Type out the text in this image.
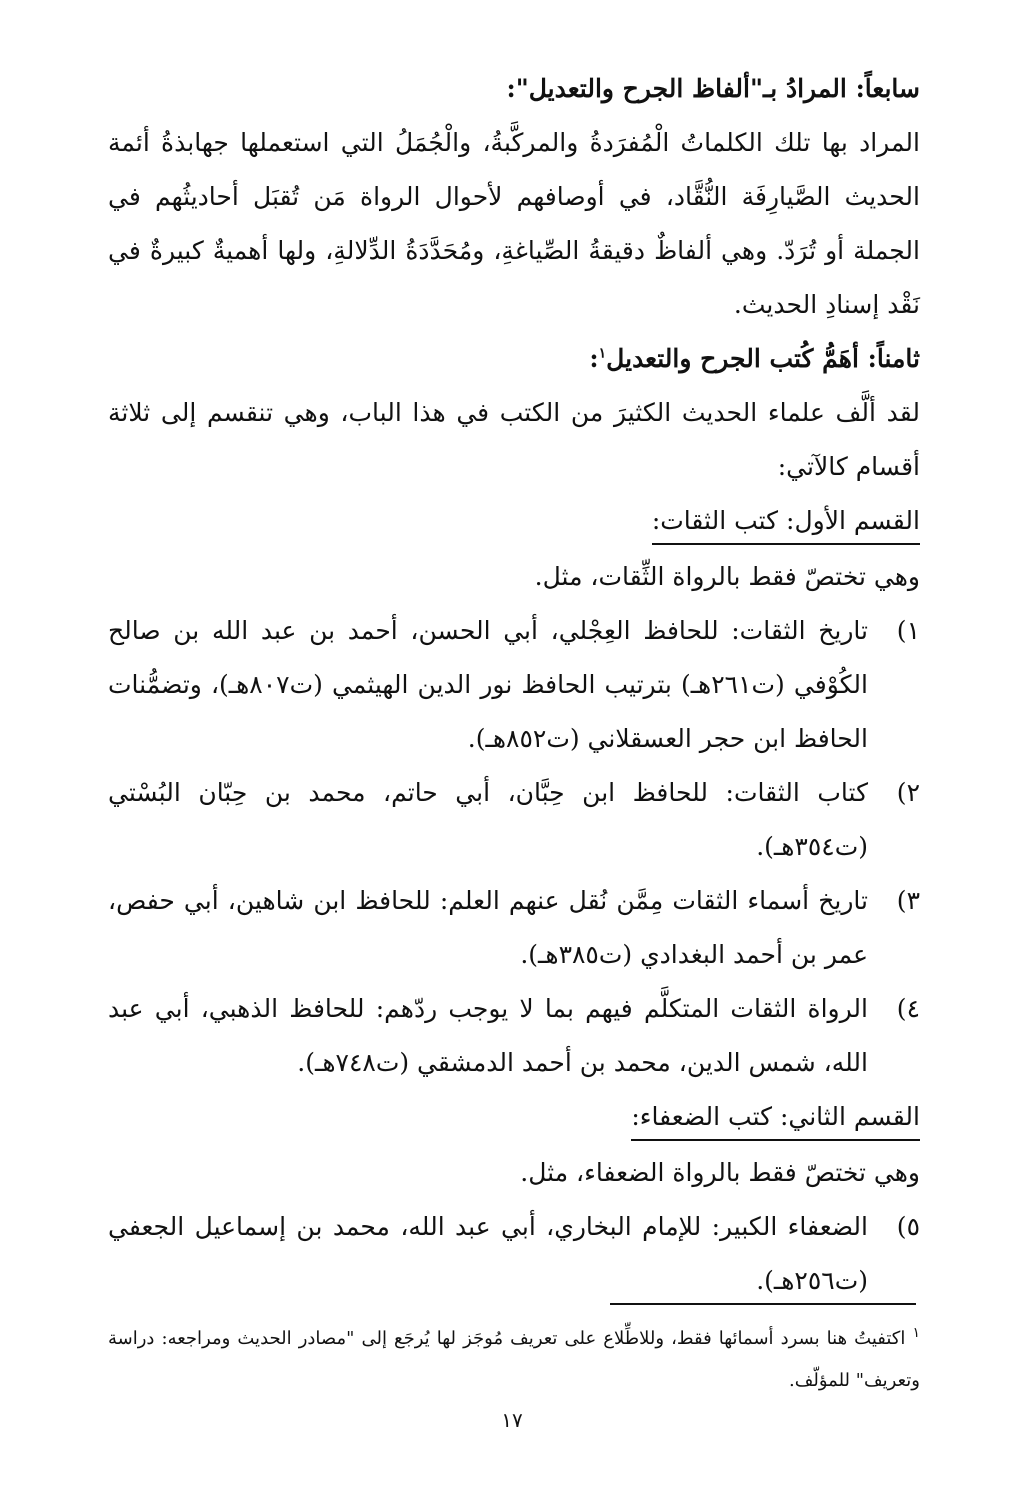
سابعاً: المرادُ بـ"ألفاظ الجرح والتعديل":

المراد بها تلك الكلماتُ الْمُفرَدةُ والمركَّبةُ، والْجُمَلُ التي استعملها جهابذةُ أئمة الحديث الصَّيارِفَة النُّقَّاد، في أوصافهم لأحوال الرواة مَن تُقبَل أحاديثُهم في الجملة أو تُرَدّ. وهي ألفاظٌ دقيقةُ الصِّياغةِ، ومُحَدَّدَةُ الدِّلالةِ، ولها أهميةٌ كبيرةٌ في نَقْد إسنادِ الحديث.

ثامناً: أهَمُّ كُتب الجرح والتعديل$^١$:

لقد ألَّف علماء الحديث الكثيرَ من الكتب في هذا الباب، وهي تنقسم إلى ثلاثة أقسام كالآتي:

القسم الأول: كتب الثقات:

وهي تختصّ فقط بالرواة الثِّقات، مثل.

١)
تاريخ الثقات: للحافظ العِجْلي، أبي الحسن، أحمد بن عبد الله بن صالح الكُوْفي (ت٢٦١هـ) بترتيب الحافظ نور الدين الهيثمي (ت٨٠٧هـ)، وتضمُّنات الحافظ ابن حجر العسقلاني (ت٨٥٢هـ).
٢)
كتاب الثقات: للحافظ ابن حِبَّان، أبي حاتم، محمد بن حِبّان البُسْتي (ت٣٥٤هـ).
٣)
تاريخ أسماء الثقات مِمَّن نُقل عنهم العلم: للحافظ ابن شاهين، أبي حفص، عمر بن أحمد البغدادي (ت٣٨٥هـ).
٤)
الرواة الثقات المتكلَّم فيهم بما لا يوجب ردّهم: للحافظ الذهبي، أبي عبد الله، شمس الدين، محمد بن أحمد الدمشقي (ت٧٤٨هـ).
القسم الثاني: كتب الضعفاء:

وهي تختصّ فقط بالرواة الضعفاء، مثل.

٥)
الضعفاء الكبير: للإمام البخاري، أبي عبد الله، محمد بن إسماعيل الجعفي (ت٢٥٦هـ).
$^١$ اكتفيتُ هنا بسرد أسمائها فقط، وللاطِّلاع على تعريف مُوجَز لها يُرجَع إلى "مصادر الحديث ومراجعه: دراسة وتعريف" للمؤلّف.
١٧
